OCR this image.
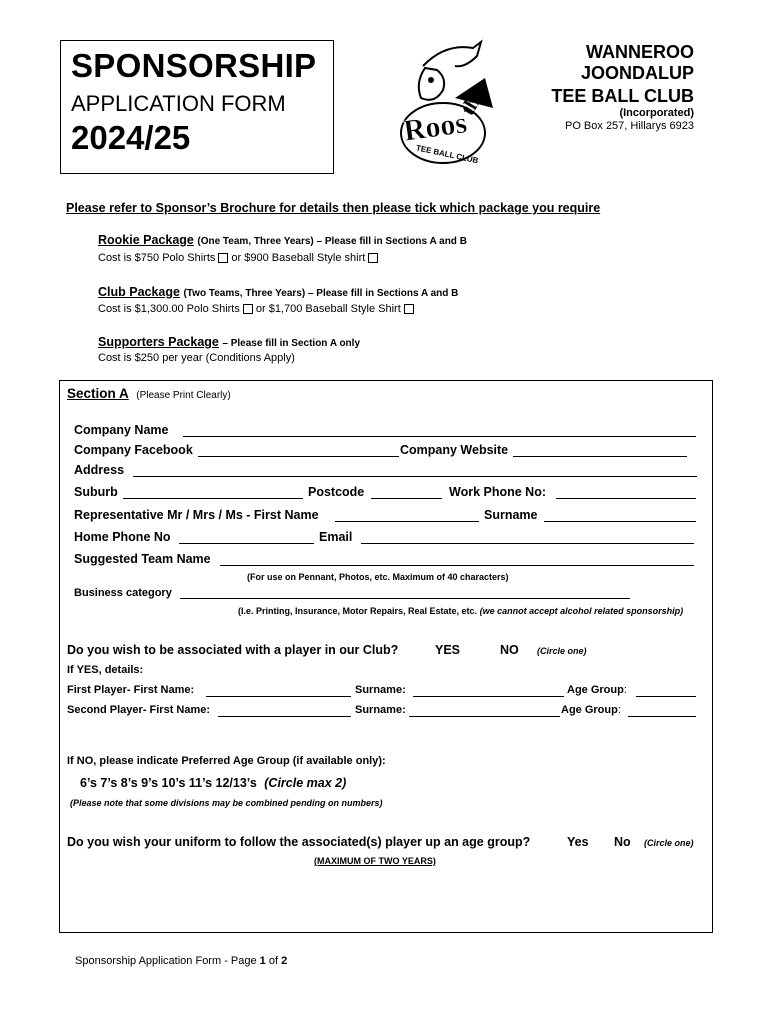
SPONSORSHIP
APPLICATION FORM
2024/25	Roos
the
TEE BALL CLUB
WANNEROO
JOONDALUP
TEE BALL CLUB
(Incorporated)
PO Box 257, Hillarys 6923
Please refer to Sponsor’s Brochure for details then please tick which package you require
Rookie Package (One Team, Three Years) – Please fill in Sections A and B
Cost is $750 Polo Shirts or $900 Baseball Style shirt
Club Package (Two Teams, Three Years) – Please fill in Sections A and B
Cost is $1,300.00 Polo Shirts or $1,700 Baseball Style Shirt
Supporters Package – Please fill in Section A only
Cost is $250 per year (Conditions Apply)
Section A (Please Print Clearly)
Company Name
Company Facebook	Company Website
Address
Suburb	Postcode	Work Phone No:
Representative Mr / Mrs / Ms - First Name	Surname
Home Phone No	Email
Suggested Team Name
(For use on Pennant, Photos, etc. Maximum of 40 characters)
Business category
(I.e. Printing, Insurance, Motor Repairs, Real Estate, etc. (we cannot accept alcohol related sponsorship)
Do you wish to be associated with a player in our Club?	YES	NO (Circle one)
If YES, details:
First Player- First Name:	Surname:	Age Group:
Second Player- First Name:	Surname:	Age Group:
If NO, please indicate Preferred Age Group (if available only):
6’s 7’s 8’s 9’s 10’s 11’s 12/13’s (Circle max 2)
(Please note that some divisions may be combined pending on numbers)
Do you wish your uniform to follow the associated(s) player up an age group?	Yes No (Circle one)
(MAXIMUM OF TWO YEARS)
Sponsorship Application Form - Page 1 of 2
